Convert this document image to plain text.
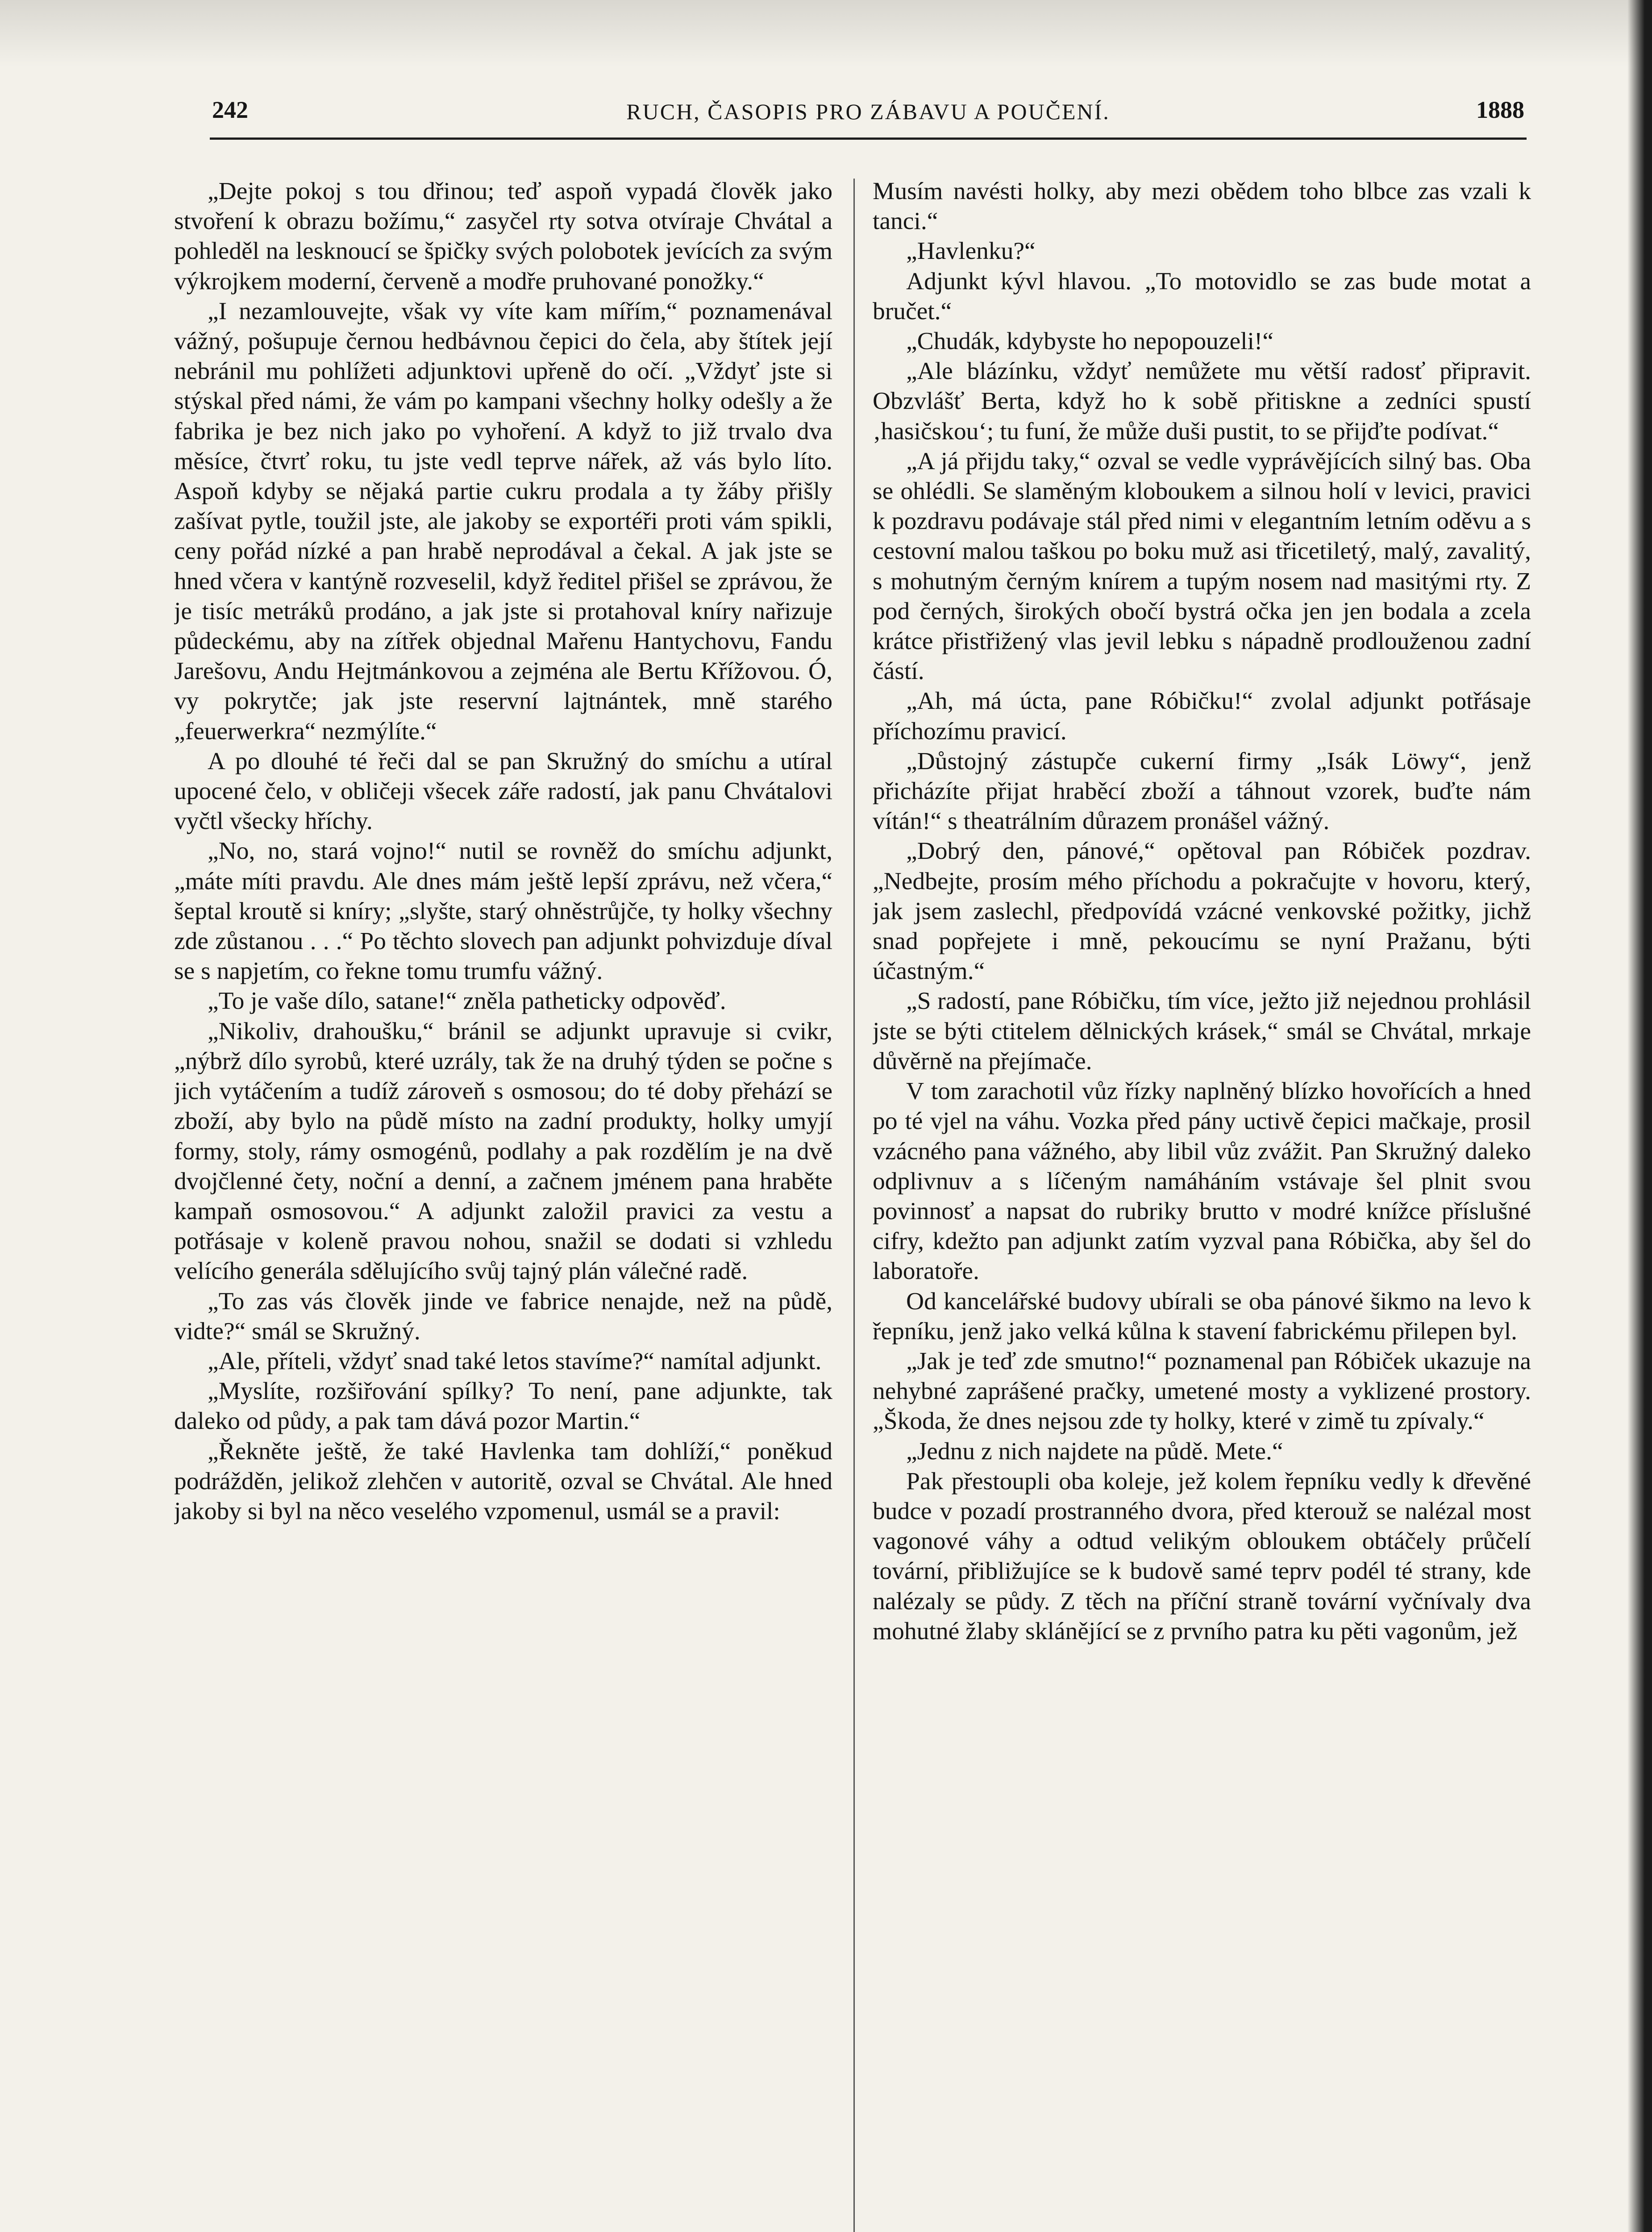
242	RUCH, ČASOPIS PRO ZÁBAVU A POUČENÍ.	1888

„Dejte pokoj s tou dřinou; teď aspoň vypadá člověk jako stvoření k obrazu božímu,“ zasyčel rty sotva otvíraje Chvátal a pohleděl na lesknoucí se špičky svých polobotek jevících za svým výkrojkem moderní, červeně a modře pruhované ponožky.“

„I nezamlouvejte, však vy víte kam mířím,“ poznamenával vážný, pošupuje černou hedbávnou čepici do čela, aby štítek její nebránil mu pohlížeti adjunktovi upřeně do očí. „Vždyť jste si stýskal před námi, že vám po kampani všechny holky odešly a že fabrika je bez nich jako po vyhoření. A když to již trvalo dva měsíce, čtvrť roku, tu jste vedl teprve nářek, až vás bylo líto. Aspoň kdyby se nějaká partie cukru prodala a ty žáby přišly zašívat pytle, toužil jste, ale jakoby se exportéři proti vám spikli, ceny pořád nízké a pan hrabě neprodával a čekal. A jak jste se hned včera v kantýně rozveselil, když ředitel přišel se zprávou, že je tisíc metráků prodáno, a jak jste si protahoval kníry nařizuje půdeckému, aby na zítřek objednal Mařenu Hantychovu, Fandu Jarešovu, Andu Hejtmánkovou a zejména ale Bertu Křížovou. Ó, vy pokrytče; jak jste reservní lajtnántek, mně starého „feuerwerkra“ nezmýlíte.“

A po dlouhé té řeči dal se pan Skružný do smíchu a utíral upocené čelo, v obličeji všecek záře radostí, jak panu Chvátalovi vyčtl všecky hříchy.

„No, no, stará vojno!“ nutil se rovněž do smíchu adjunkt, „máte míti pravdu. Ale dnes mám ještě lepší zprávu, než včera,“ šeptal kroutě si kníry; „slyšte, starý ohněstrůjče, ty holky všechny zde zůstanou . . .“ Po těchto slovech pan adjunkt pohvizduje díval se s napjetím, co řekne tomu trumfu vážný.

„To je vaše dílo, satane!“ zněla patheticky odpověď.

„Nikoliv, drahoušku,“ bránil se adjunkt upravuje si cvikr, „nýbrž dílo syrobů, které uzrály, tak že na druhý týden se počne s jich vytáčením a tudíž zároveň s osmosou; do té doby přehází se zboží, aby bylo na půdě místo na zadní produkty, holky umyjí formy, stoly, rámy osmogénů, podlahy a pak rozdělím je na dvě dvojčlenné čety, noční a denní, a začnem jménem pana hraběte kampaň osmosovou.“ A adjunkt založil pravici za vestu a potřásaje v koleně pravou nohou, snažil se dodati si vzhledu velícího generála sdělujícího svůj tajný plán válečné radě.

„To zas vás člověk jinde ve fabrice nenajde, než na půdě, vidte?“ smál se Skružný.

„Ale, příteli, vždyť snad také letos stavíme?“ namítal adjunkt.

„Myslíte, rozšiřování spílky? To není, pane adjunkte, tak daleko od půdy, a pak tam dává pozor Martin.“

„Řekněte ještě, že také Havlenka tam dohlíží,“ poněkud podrážděn, jelikož zlehčen v autoritě, ozval se Chvátal. Ale hned jakoby si byl na něco veselého vzpomenul, usmál se a pravil:

Musím navésti holky, aby mezi obědem toho blbce zas vzali k tanci.“

„Havlenku?“

Adjunkt kývl hlavou. „To motovidlo se zas bude motat a bručet.“

„Chudák, kdybyste ho nepopouzeli!“

„Ale blázínku, vždyť nemůžete mu větší radosť připravit. Obzvlášť Berta, když ho k sobě přitiskne a zedníci spustí ‚hasičskou‘; tu funí, že může duši pustit, to se přijďte podívat.“

„A já přijdu taky,“ ozval se vedle vyprávějících silný bas. Oba se ohlédli. Se slaměným kloboukem a silnou holí v levici, pravici k pozdravu podávaje stál před nimi v elegantním letním oděvu a s cestovní malou taškou po boku muž asi třicetiletý, malý, zavalitý, s mohutným černým knírem a tupým nosem nad masitými rty. Z pod černých, širokých obočí bystrá očka jen jen bodala a zcela krátce přistřižený vlas jevil lebku s nápadně prodlouženou zadní částí.

„Ah, má úcta, pane Róbičku!“ zvolal adjunkt potřásaje příchozímu pravicí.

„Důstojný zástupče cukerní firmy „Isák Löwy“, jenž přicházíte přijat hraběcí zboží a táhnout vzorek, buďte nám vítán!“ s theatrálním důrazem pronášel vážný.

„Dobrý den, pánové,“ opětoval pan Róbiček pozdrav. „Nedbejte, prosím mého příchodu a pokračujte v hovoru, který, jak jsem zaslechl, předpovídá vzácné venkovské požitky, jichž snad popřejete i mně, pekoucímu se nyní Pražanu, býti účastným.“

„S radostí, pane Róbičku, tím více, ježto již nejednou prohlásil jste se býti ctitelem dělnických krásek,“ smál se Chvátal, mrkaje důvěrně na přejímače.

V tom zarachotil vůz řízky naplněný blízko hovořících a hned po té vjel na váhu. Vozka před pány uctivě čepici mačkaje, prosil vzácného pana vážného, aby libil vůz zvážit. Pan Skružný daleko odplivnuv a s líčeným namáháním vstávaje šel plnit svou povinnosť a napsat do rubriky brutto v modré knížce příslušné cifry, kdežto pan adjunkt zatím vyzval pana Róbička, aby šel do laboratoře.

Od kancelářské budovy ubírali se oba pánové šikmo na levo k řepníku, jenž jako velká kůlna k stavení fabrickému přilepen byl.

„Jak je teď zde smutno!“ poznamenal pan Róbiček ukazuje na nehybné zaprášené pračky, umetené mosty a vyklizené prostory. „Škoda, že dnes nejsou zde ty holky, které v zimě tu zpívaly.“

„Jednu z nich najdete na půdě. Mete.“

Pak přestoupli oba koleje, jež kolem řepníku vedly k dřevěné budce v pozadí prostranného dvora, před kterouž se nalézal most vagonové váhy a odtud velikým obloukem obtáčely průčelí tovární, přibližujíce se k budově samé teprv podél té strany, kde nalézaly se půdy. Z těch na příční straně tovární vyčnívaly dva mohutné žlaby sklánějící se z prvního patra ku pěti vagonům, jež
